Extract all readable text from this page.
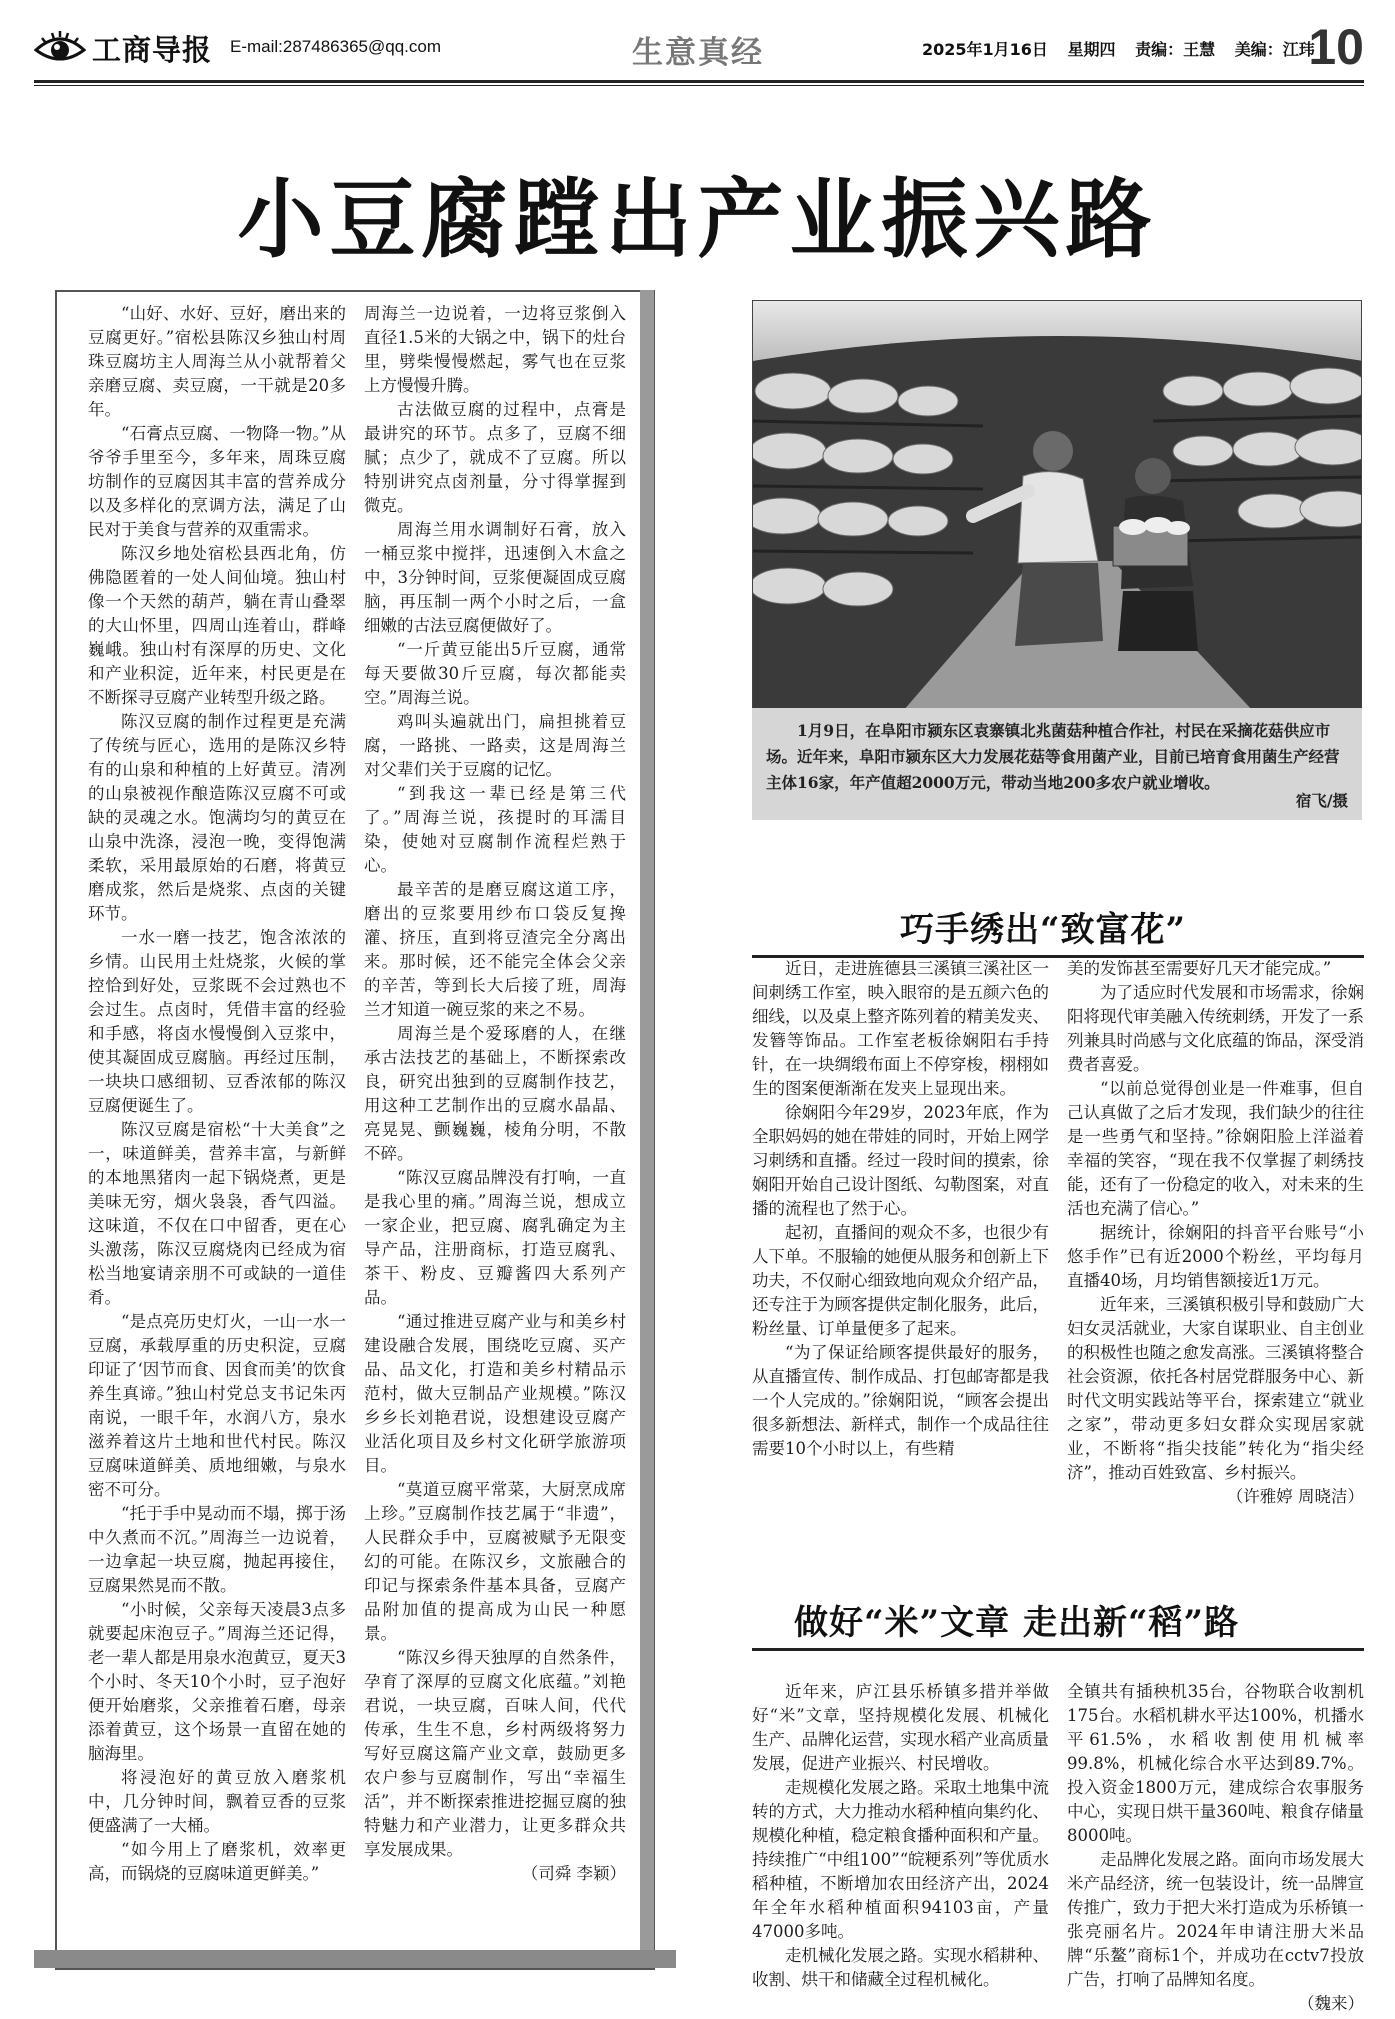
工商导报 E-mail:287486365@qq.com	生意真经	2025年1月16日 星期四 责编：王慧 美编：江玮
10
小豆腐蹚出产业振兴路

“山好、水好、豆好，磨出来的豆腐更好。”宿松县陈汉乡独山村周珠豆腐坊主人周海兰从小就帮着父亲磨豆腐、卖豆腐，一干就是20多年。

“石膏点豆腐、一物降一物。”从爷爷手里至今，多年来，周珠豆腐坊制作的豆腐因其丰富的营养成分以及多样化的烹调方法，满足了山民对于美食与营养的双重需求。

陈汉乡地处宿松县西北角，仿佛隐匿着的一处人间仙境。独山村像一个天然的葫芦，躺在青山叠翠的大山怀里，四周山连着山，群峰巍峨。独山村有深厚的历史、文化和产业积淀，近年来，村民更是在不断探寻豆腐产业转型升级之路。

陈汉豆腐的制作过程更是充满了传统与匠心，选用的是陈汉乡特有的山泉和种植的上好黄豆。清冽的山泉被视作酿造陈汉豆腐不可或缺的灵魂之水。饱满均匀的黄豆在山泉中洗涤，浸泡一晚，变得饱满柔软，采用最原始的石磨，将黄豆磨成浆，然后是烧浆、点卤的关键环节。

一水一磨一技艺，饱含浓浓的乡情。山民用土灶烧浆，火候的掌控恰到好处，豆浆既不会过熟也不会过生。点卤时，凭借丰富的经验和手感，将卤水慢慢倒入豆浆中，使其凝固成豆腐脑。再经过压制，一块块口感细韧、豆香浓郁的陈汉豆腐便诞生了。

陈汉豆腐是宿松“十大美食”之一，味道鲜美，营养丰富，与新鲜的本地黑猪肉一起下锅烧煮，更是美味无穷，烟火袅袅，香气四溢。这味道，不仅在口中留香，更在心头激荡，陈汉豆腐烧肉已经成为宿松当地宴请亲朋不可或缺的一道佳肴。

“是点亮历史灯火，一山一水一豆腐，承载厚重的历史积淀，豆腐印证了‘因节而食、因食而美’的饮食养生真谛。”独山村党总支书记朱丙南说，一眼千年，水润八方，泉水滋养着这片土地和世代村民。陈汉豆腐味道鲜美、质地细嫩，与泉水密不可分。

“托于手中晃动而不塌，掷于汤中久煮而不沉。”周海兰一边说着，一边拿起一块豆腐，抛起再接住，豆腐果然晃而不散。

“小时候，父亲每天凌晨3点多就要起床泡豆子。”周海兰还记得，老一辈人都是用泉水泡黄豆，夏天3个小时、冬天10个小时，豆子泡好便开始磨浆，父亲推着石磨，母亲添着黄豆，这个场景一直留在她的脑海里。

将浸泡好的黄豆放入磨浆机中，几分钟时间，飘着豆香的豆浆便盛满了一大桶。

“如今用上了磨浆机，效率更高，而锅烧的豆腐味道更鲜美。”

周海兰一边说着，一边将豆浆倒入直径1.5米的大锅之中，锅下的灶台里，劈柴慢慢燃起，雾气也在豆浆上方慢慢升腾。

古法做豆腐的过程中，点膏是最讲究的环节。点多了，豆腐不细腻；点少了，就成不了豆腐。所以特别讲究点卤剂量，分寸得掌握到微克。

周海兰用水调制好石膏，放入一桶豆浆中搅拌，迅速倒入木盒之中，3分钟时间，豆浆便凝固成豆腐脑，再压制一两个小时之后，一盒细嫩的古法豆腐便做好了。

“一斤黄豆能出5斤豆腐，通常每天要做30斤豆腐，每次都能卖空。”周海兰说。

鸡叫头遍就出门，扁担挑着豆腐，一路挑、一路卖，这是周海兰对父辈们关于豆腐的记忆。

“到我这一辈已经是第三代了。”周海兰说，孩提时的耳濡目染，使她对豆腐制作流程烂熟于心。

最辛苦的是磨豆腐这道工序，磨出的豆浆要用纱布口袋反复搀灌、挤压，直到将豆渣完全分离出来。那时候，还不能完全体会父亲的辛苦，等到长大后接了班，周海兰才知道一碗豆浆的来之不易。

周海兰是个爱琢磨的人，在继承古法技艺的基础上，不断探索改良，研究出独到的豆腐制作技艺，用这种工艺制作出的豆腐水晶晶、亮晃晃、颤巍巍，棱角分明，不散不碎。

“陈汉豆腐品牌没有打响，一直是我心里的痛。”周海兰说，想成立一家企业，把豆腐、腐乳确定为主导产品，注册商标，打造豆腐乳、茶干、粉皮、豆瓣酱四大系列产品。

“通过推进豆腐产业与和美乡村建设融合发展，围绕吃豆腐、买产品、品文化，打造和美乡村精品示范村，做大豆制品产业规模。”陈汉乡乡长刘艳君说，设想建设豆腐产业活化项目及乡村文化研学旅游项目。

“莫道豆腐平常菜，大厨烹成席上珍。”豆腐制作技艺属于“非遗”，人民群众手中，豆腐被赋予无限变幻的可能。在陈汉乡，文旅融合的印记与探索条件基本具备，豆腐产品附加值的提高成为山民一种愿景。

“陈汉乡得天独厚的自然条件，孕育了深厚的豆腐文化底蕴。”刘艳君说，一块豆腐，百味人间，代代传承，生生不息，乡村两级将努力写好豆腐这篇产业文章，鼓励更多农户参与豆腐制作，写出“幸福生活”，并不断探索推进挖掘豆腐的独特魅力和产业潜力，让更多群众共享发展成果。

（司舜 李颖）

1月9日，在阜阳市颍东区袁寨镇北兆菌菇种植合作社，村民在采摘花菇供应市场。近年来，阜阳市颍东区大力发展花菇等食用菌产业，目前已培育食用菌生产经营主体16家，年产值超2000万元，带动当地200多农户就业增收。
宿飞/摄
巧手绣出“致富花”

近日，走进旌德县三溪镇三溪社区一间刺绣工作室，映入眼帘的是五颜六色的细线，以及桌上整齐陈列着的精美发夹、发簪等饰品。工作室老板徐娴阳右手持针，在一块绸缎布面上不停穿梭，栩栩如生的图案便渐渐在发夹上显现出来。

徐娴阳今年29岁，2023年底，作为全职妈妈的她在带娃的同时，开始上网学习刺绣和直播。经过一段时间的摸索，徐娴阳开始自己设计图纸、勾勒图案，对直播的流程也了然于心。

起初，直播间的观众不多，也很少有人下单。不服输的她便从服务和创新上下功夫，不仅耐心细致地向观众介绍产品，还专注于为顾客提供定制化服务，此后，粉丝量、订单量便多了起来。

“为了保证给顾客提供最好的服务，从直播宣传、制作成品、打包邮寄都是我一个人完成的。”徐娴阳说，“顾客会提出很多新想法、新样式，制作一个成品往往需要10个小时以上，有些精

美的发饰甚至需要好几天才能完成。”

为了适应时代发展和市场需求，徐娴阳将现代审美融入传统刺绣，开发了一系列兼具时尚感与文化底蕴的饰品，深受消费者喜爱。

“以前总觉得创业是一件难事，但自己认真做了之后才发现，我们缺少的往往是一些勇气和坚持。”徐娴阳脸上洋溢着幸福的笑容，“现在我不仅掌握了刺绣技能，还有了一份稳定的收入，对未来的生活也充满了信心。”

据统计，徐娴阳的抖音平台账号“小悠手作”已有近2000个粉丝，平均每月直播40场，月均销售额接近1万元。

近年来，三溪镇积极引导和鼓励广大妇女灵活就业，大家自谋职业、自主创业的积极性也随之愈发高涨。三溪镇将整合社会资源，依托各村居党群服务中心、新时代文明实践站等平台，探索建立“就业之家”，带动更多妇女群众实现居家就业，不断将“指尖技能”转化为“指尖经济”，推动百姓致富、乡村振兴。

（许雅婷 周晓洁）

做好“米”文章 走出新“稻”路

近年来，庐江县乐桥镇多措并举做好“米”文章，坚持规模化发展、机械化生产、品牌化运营，实现水稻产业高质量发展，促进产业振兴、村民增收。

走规模化发展之路。采取土地集中流转的方式，大力推动水稻种植向集约化、规模化种植，稳定粮食播种面积和产量。持续推广“中组100”“皖粳系列”等优质水稻种植，不断增加农田经济产出，2024年全年水稻种植面积94103亩，产量47000多吨。

走机械化发展之路。实现水稻耕种、收割、烘干和储藏全过程机械化。

全镇共有插秧机35台，谷物联合收割机175台。水稻机耕水平达100%，机播水平61.5%，水稻收割使用机械率99.8%，机械化综合水平达到89.7%。投入资金1800万元，建成综合农事服务中心，实现日烘干量360吨、粮食存储量8000吨。

走品牌化发展之路。面向市场发展大米产品经济，统一包装设计，统一品牌宣传推广，致力于把大米打造成为乐桥镇一张亮丽名片。2024年申请注册大米品牌“乐鳌”商标1个，并成功在cctv7投放广告，打响了品牌知名度。

（魏来）
